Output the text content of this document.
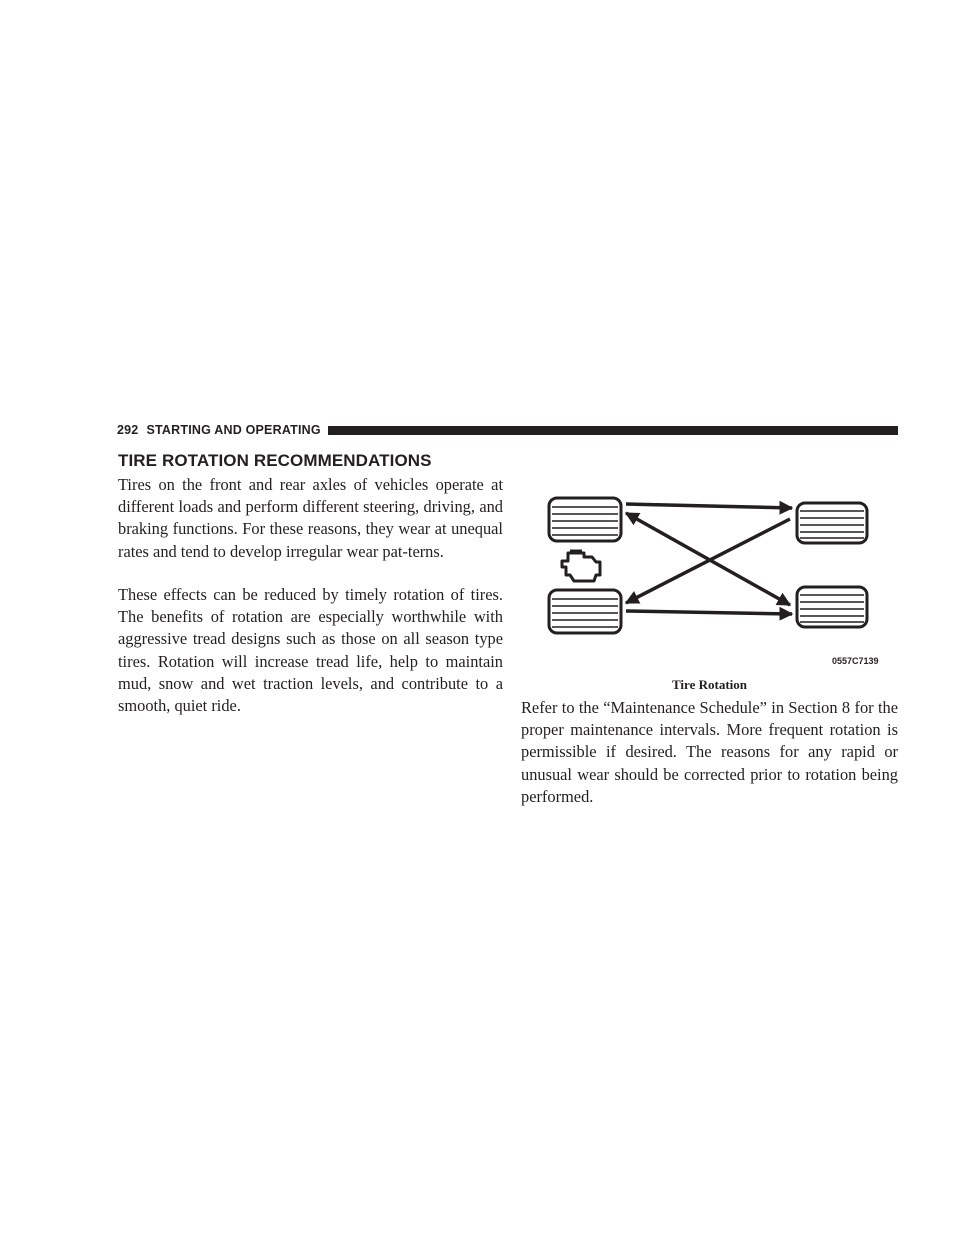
292 STARTING AND OPERATING
TIRE ROTATION RECOMMENDATIONS

Tires on the front and rear axles of vehicles operate at different loads and perform different steering, driving, and braking functions. For these reasons, they wear at unequal rates and tend to develop irregular wear pat-terns.

These effects can be reduced by timely rotation of tires. The benefits of rotation are especially worthwhile with aggressive tread designs such as those on all season type tires. Rotation will increase tread life, help to maintain mud, snow and wet traction levels, and contribute to a smooth, quiet ride.

0557C7139
Tire Rotation

Refer to the “Maintenance Schedule” in Section 8 for the proper maintenance intervals. More frequent rotation is permissible if desired. The reasons for any rapid or unusual wear should be corrected prior to rotation being performed.
